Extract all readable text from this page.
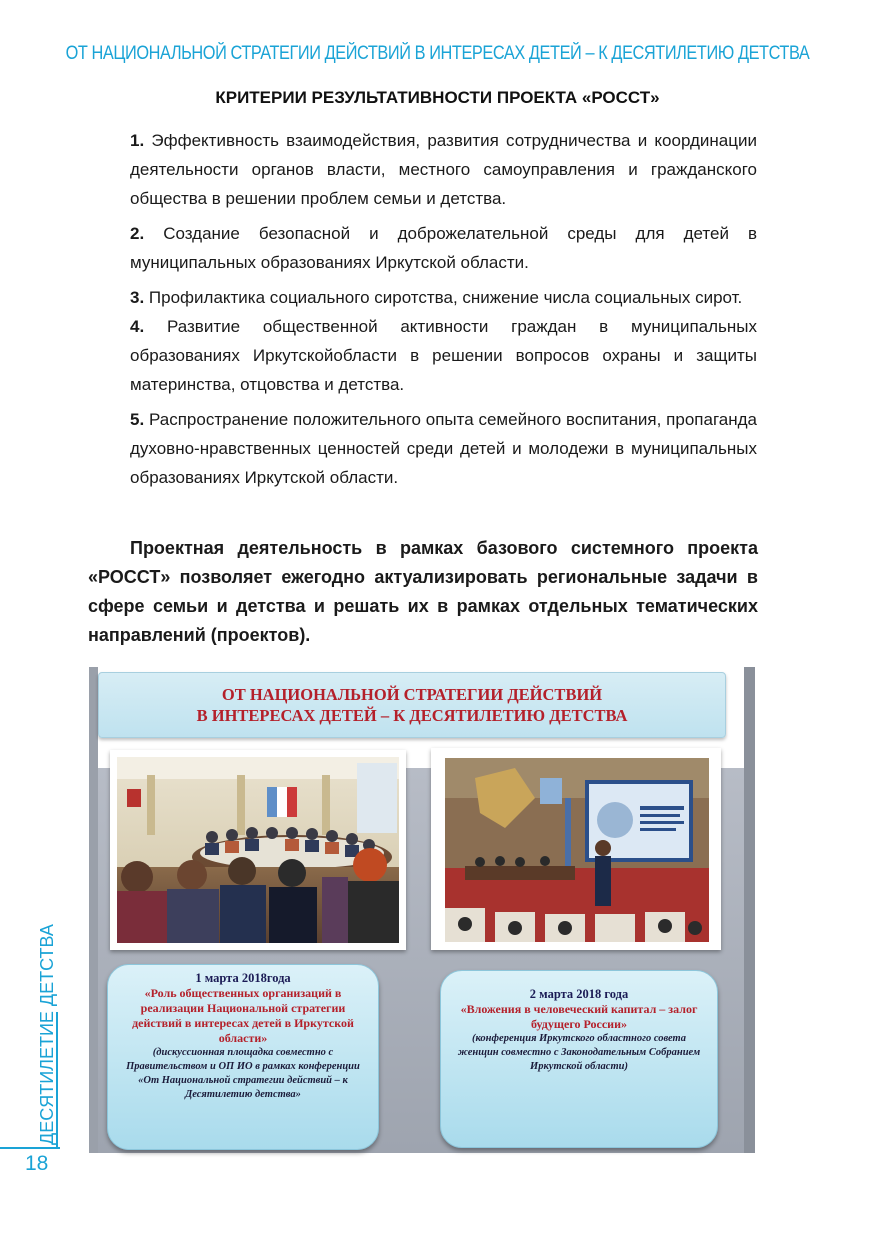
ОТ НАЦИОНАЛЬНОЙ СТРАТЕГИИ ДЕЙСТВИЙ В ИНТЕРЕСАХ ДЕТЕЙ – К ДЕСЯТИЛЕТИЮ ДЕТСТВА
КРИТЕРИИ РЕЗУЛЬТАТИВНОСТИ ПРОЕКТА «РОССТ»

1. Эффективность взаимодействия, развития сотрудничества и координации деятельности органов власти, местного самоуправления и гражданского общества в решении проблем семьи и детства.

2. Создание безопасной и доброжелательной среды для детей в муниципальных образованиях Иркутской области.

3. Профилактика социального сиротства, снижение числа социальных сирот.

4. Развитие общественной активности граждан в муниципальных образованиях Иркутскойобласти в решении вопросов охраны и защиты материнства, отцовства и детства.

5. Распространение положительного опыта семейного воспитания, пропаганда духовно-нравственных ценностей среди детей и молодежи в муниципальных образованиях Иркутской области.

Проектная деятельность в рамках базового системного проекта «РОССТ» позволяет ежегодно актуализировать региональные задачи в сфере семьи и детства и решать их в рамках отдельных тематических направлений (проектов).
ОТ НАЦИОНАЛЬНОЙ СТРАТЕГИИ ДЕЙСТВИЙ
В ИНТЕРЕСАХ ДЕТЕЙ – К ДЕСЯТИЛЕТИЮ ДЕТСТВА
1 марта 2018года
«Роль общественных организаций в реализации Национальной стратегии действий в интересах детей в Иркутской области»
(дискуссионная площадка совместно с Правительством и ОП ИО в рамках конференции «От Национальной стратегии действий – к Десятилетию детства»
2 марта 2018 года
«Вложения в человеческий капитал – залог будущего России»
(конференция Иркутского областного совета женщин совместно с Законодательным Собранием Иркутской области)
ДЕСЯТИЛЕТИЕ ДЕТСТВА
18
